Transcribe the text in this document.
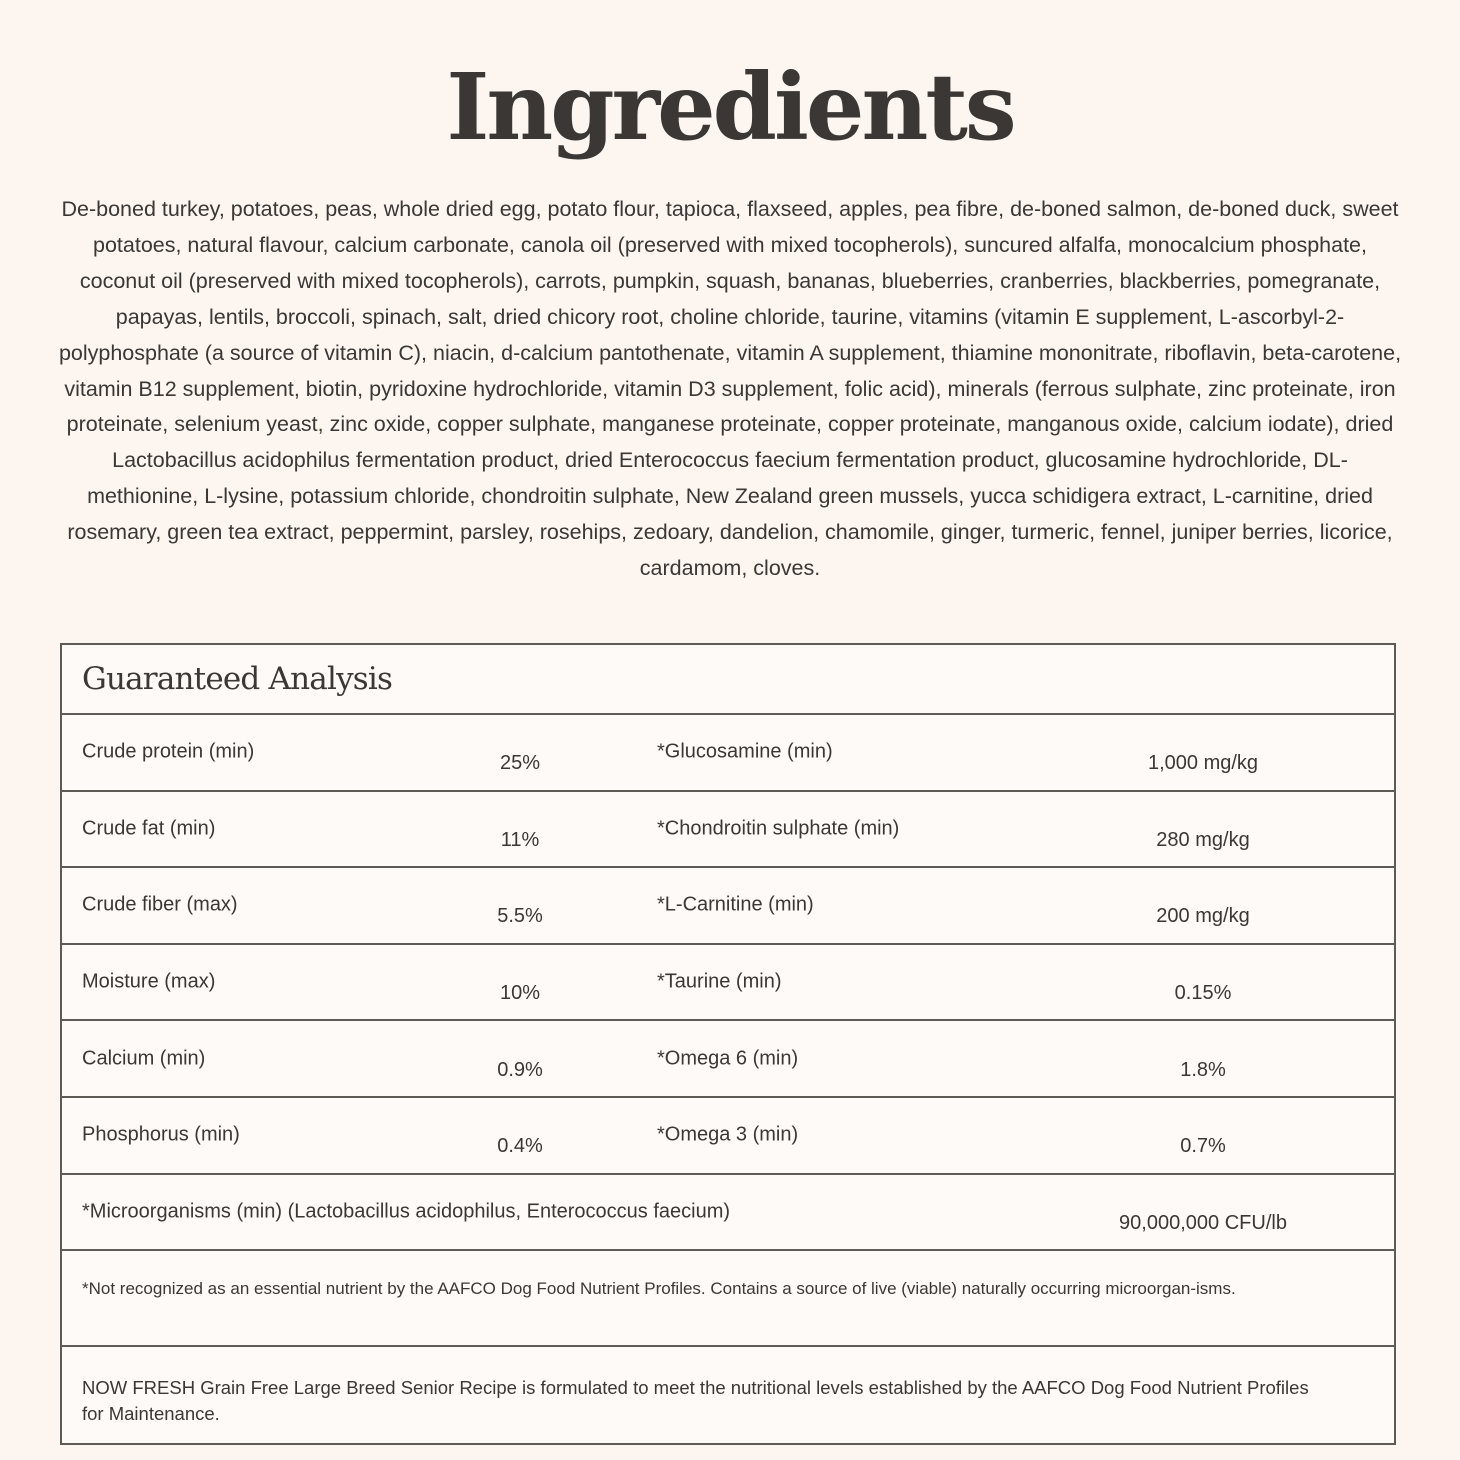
Ingredients

De-boned turkey, potatoes, peas, whole dried egg, potato flour, tapioca, flaxseed, apples, pea fibre, de-boned salmon, de-boned duck, sweet potatoes, natural flavour, calcium carbonate, canola oil (preserved with mixed tocopherols), suncured alfalfa, monocalcium phosphate, coconut oil (preserved with mixed tocopherols), carrots, pumpkin, squash, bananas, blueberries, cranberries, blackberries, pomegranate, papayas, lentils, broccoli, spinach, salt, dried chicory root, choline chloride, taurine, vitamins (vitamin E supplement, L-ascorbyl-2-polyphosphate (a source of vitamin C), niacin, d-calcium pantothenate, vitamin A supplement, thiamine mononitrate, riboflavin, beta-carotene, vitamin B12 supplement, biotin, pyridoxine hydrochloride, vitamin D3 supplement, folic acid), minerals (ferrous sulphate, zinc proteinate, iron proteinate, selenium yeast, zinc oxide, copper sulphate, manganese proteinate, copper proteinate, manganous oxide, calcium iodate), dried Lactobacillus acidophilus fermentation product, dried Enterococcus faecium fermentation product, glucosamine hydrochloride, DL-methionine, L-lysine, potassium chloride, chondroitin sulphate, New Zealand green mussels, yucca schidigera extract, L-carnitine, dried rosemary, green tea extract, peppermint, parsley, rosehips, zedoary, dandelion, chamomile, ginger, turmeric, fennel, juniper berries, licorice, cardamom, cloves.

Guaranteed Analysis
Crude protein (min)
25%
*Glucosamine (min)
1,000 mg/kg
Crude fat (min)
11%
*Chondroitin sulphate (min)
280 mg/kg
Crude fiber (max)
5.5%
*L-Carnitine (min)
200 mg/kg
Moisture (max)
10%
*Taurine (min)
0.15%
Calcium (min)
0.9%
*Omega 6 (min)
1.8%
Phosphorus (min)
0.4%
*Omega 3 (min)
0.7%
*Microorganisms (min) (Lactobacillus acidophilus, Enterococcus faecium)
90,000,000 CFU/lb
*Not recognized as an essential nutrient by the AAFCO Dog Food Nutrient Profiles. Contains a source of live (viable) naturally occurring microorgan-isms.
NOW FRESH Grain Free Large Breed Senior Recipe is formulated to meet the nutritional levels established by the AAFCO Dog Food Nutrient Profiles for Maintenance.
